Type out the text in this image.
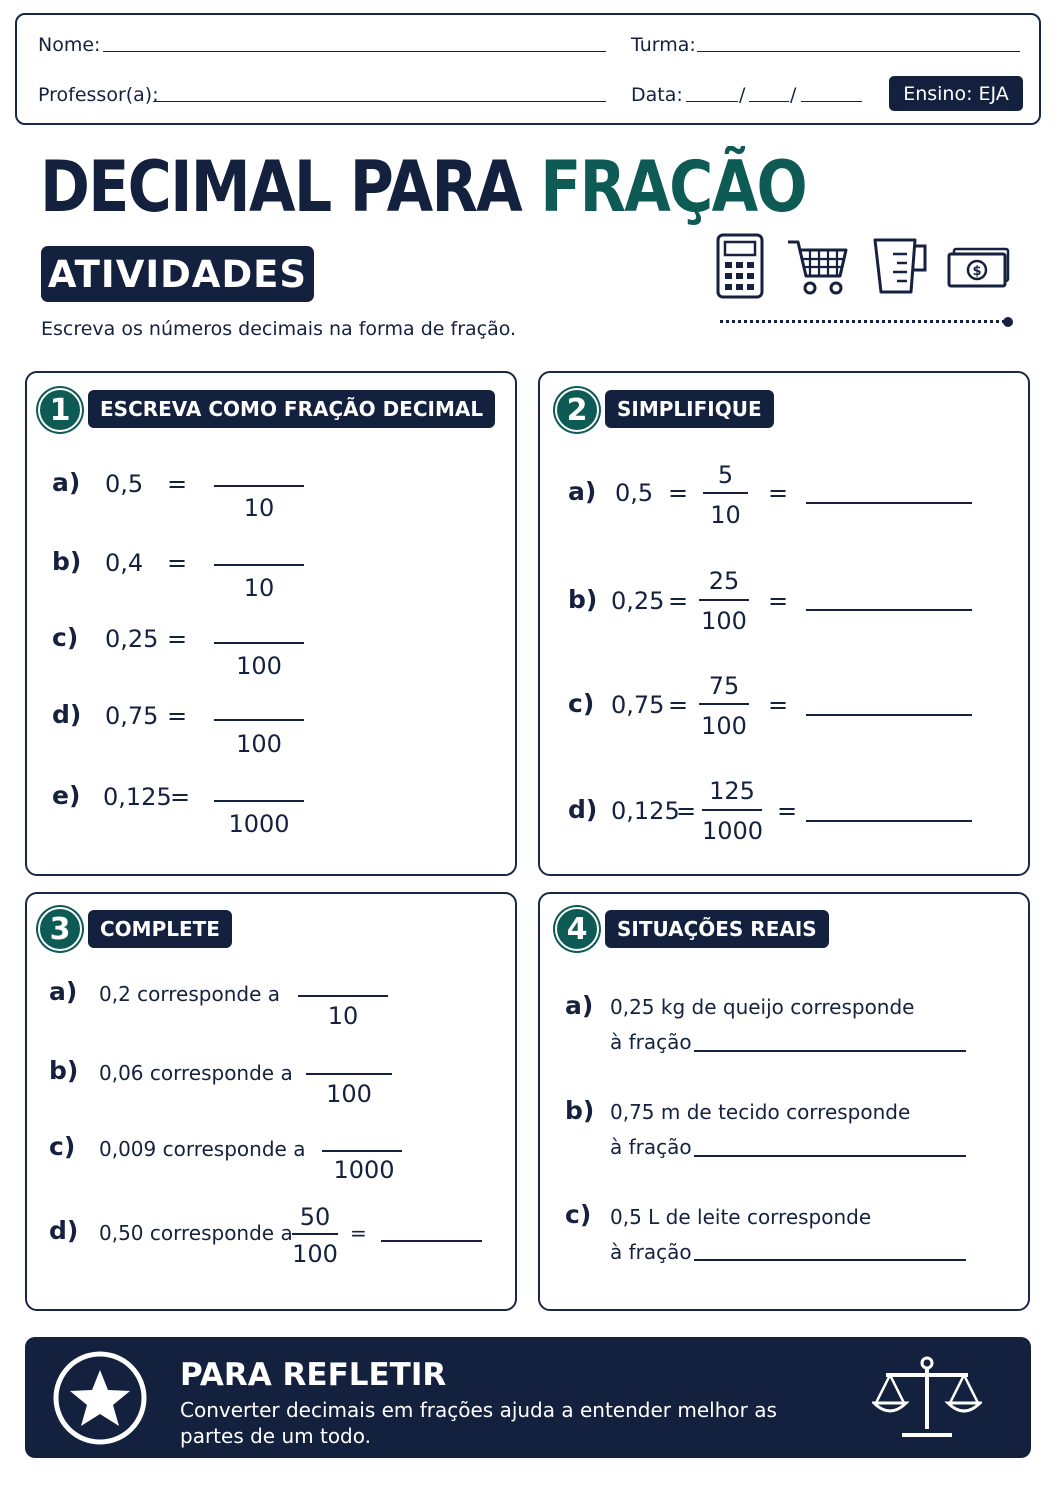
Nome:	Turma:
Professor(a):	Data:	/ /	Ensino: EJA
DECIMAL PARA FRAÇÃO
ATIVIDADES
Escreva os números decimais na forma de fração.
$
1	ESCREVA COMO FRAÇÃO DECIMAL
a) 0,5 =
10
b) 0,4 =
10
c) 0,25 =
100
d) 0,75 =
100
e) 0,125
=
1000
2	SIMPLIFIQUE
a) 0,5 =
5
10
=
b) 0,25 =
25
100
=
c) 0,75 =
75
100
=
d) 0,125
=
125
1000
=
3	COMPLETE
a) 0,2 corresponde a
10
b) 0,06 corresponde a
100
c) 0,009 corresponde a
1000
d) 0,50 corresponde a
50
100
=
4	SITUAÇÕES REAIS
a) 0,25 kg de queijo corresponde
à fração
b) 0,75 m de tecido corresponde
à fração
c) 0,5 L de leite corresponde
à fração
PARA REFLETIR
Converter decimais em frações ajuda a entender melhor as partes de um todo.
